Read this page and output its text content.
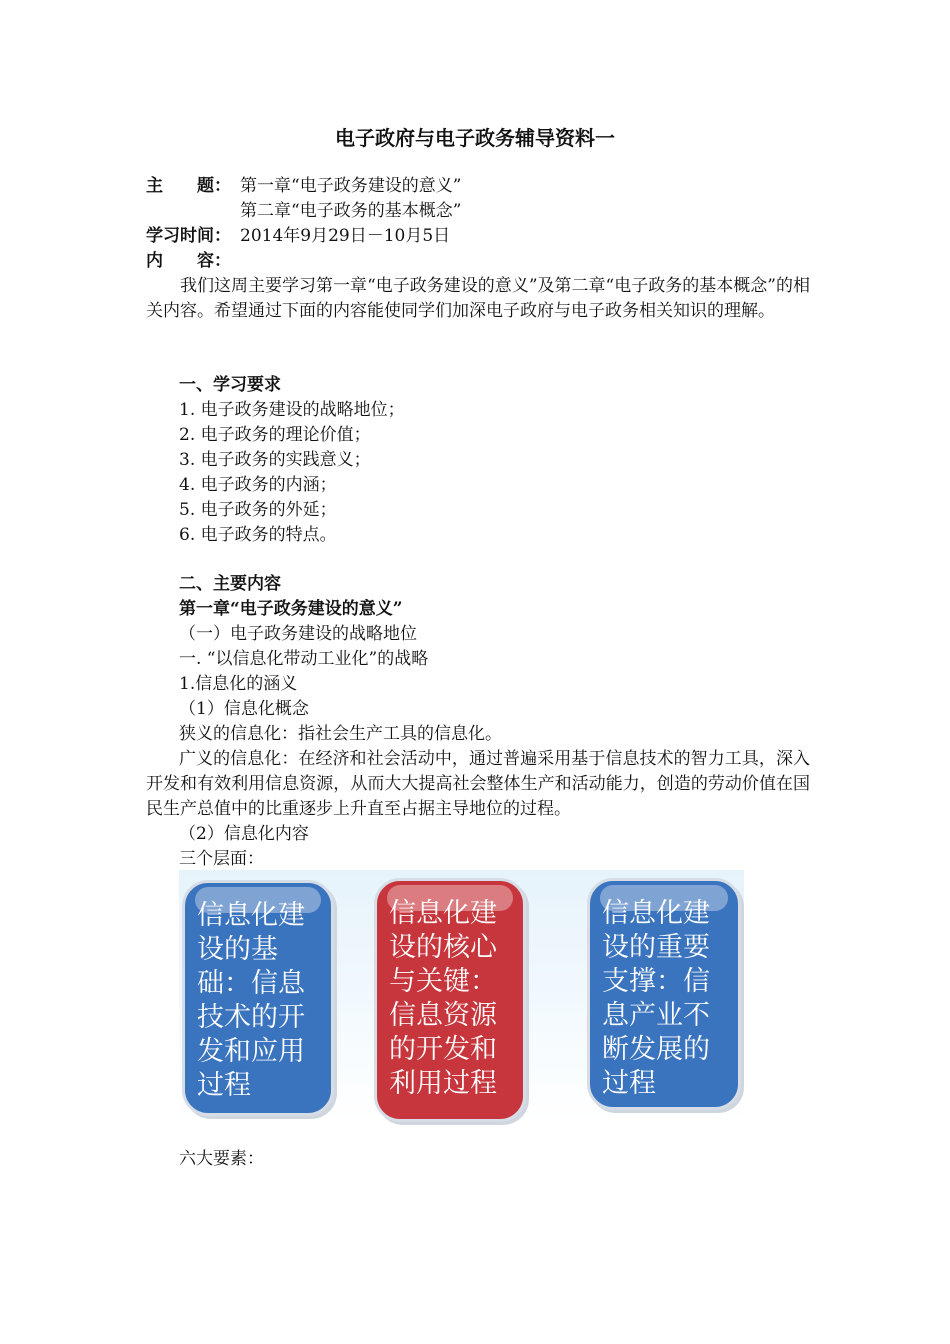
电子政府与电子政务辅导资料一
主　　题： 第一章“电子政务建设的意义”
第二章“电子政务的基本概念”
学习时间： 2014年9月29日－10月5日
内　　容：
我们这周主要学习第一章“电子政务建设的意义”及第二章“电子政务的基本概念”的相关内容。希望通过下面的内容能使同学们加深电子政府与电子政务相关知识的理解。
一、学习要求
1. 电子政务建设的战略地位；
2. 电子政务的理论价值；
3. 电子政务的实践意义；
4. 电子政务的内涵；
5. 电子政务的外延；
6. 电子政务的特点。
二、主要内容
第一章“电子政务建设的意义”
（一）电子政务建设的战略地位
一. “以信息化带动工业化”的战略
1.信息化的涵义
（1）信息化概念
狭义的信息化：指社会生产工具的信息化。
广义的信息化：在经济和社会活动中，通过普遍采用基于信息技术的智力工具，深入开发和有效利用信息资源，从而大大提高社会整体生产和活动能力，创造的劳动价值在国民生产总值中的比重逐步上升直至占据主导地位的过程。
（2）信息化内容
三个层面：
信息化建设的基础：信息技术的开发和应用过程
信息化建设的核心与关键：信息资源的开发和利用过程
信息化建设的重要支撑：信息产业不断发展的过程
六大要素：
